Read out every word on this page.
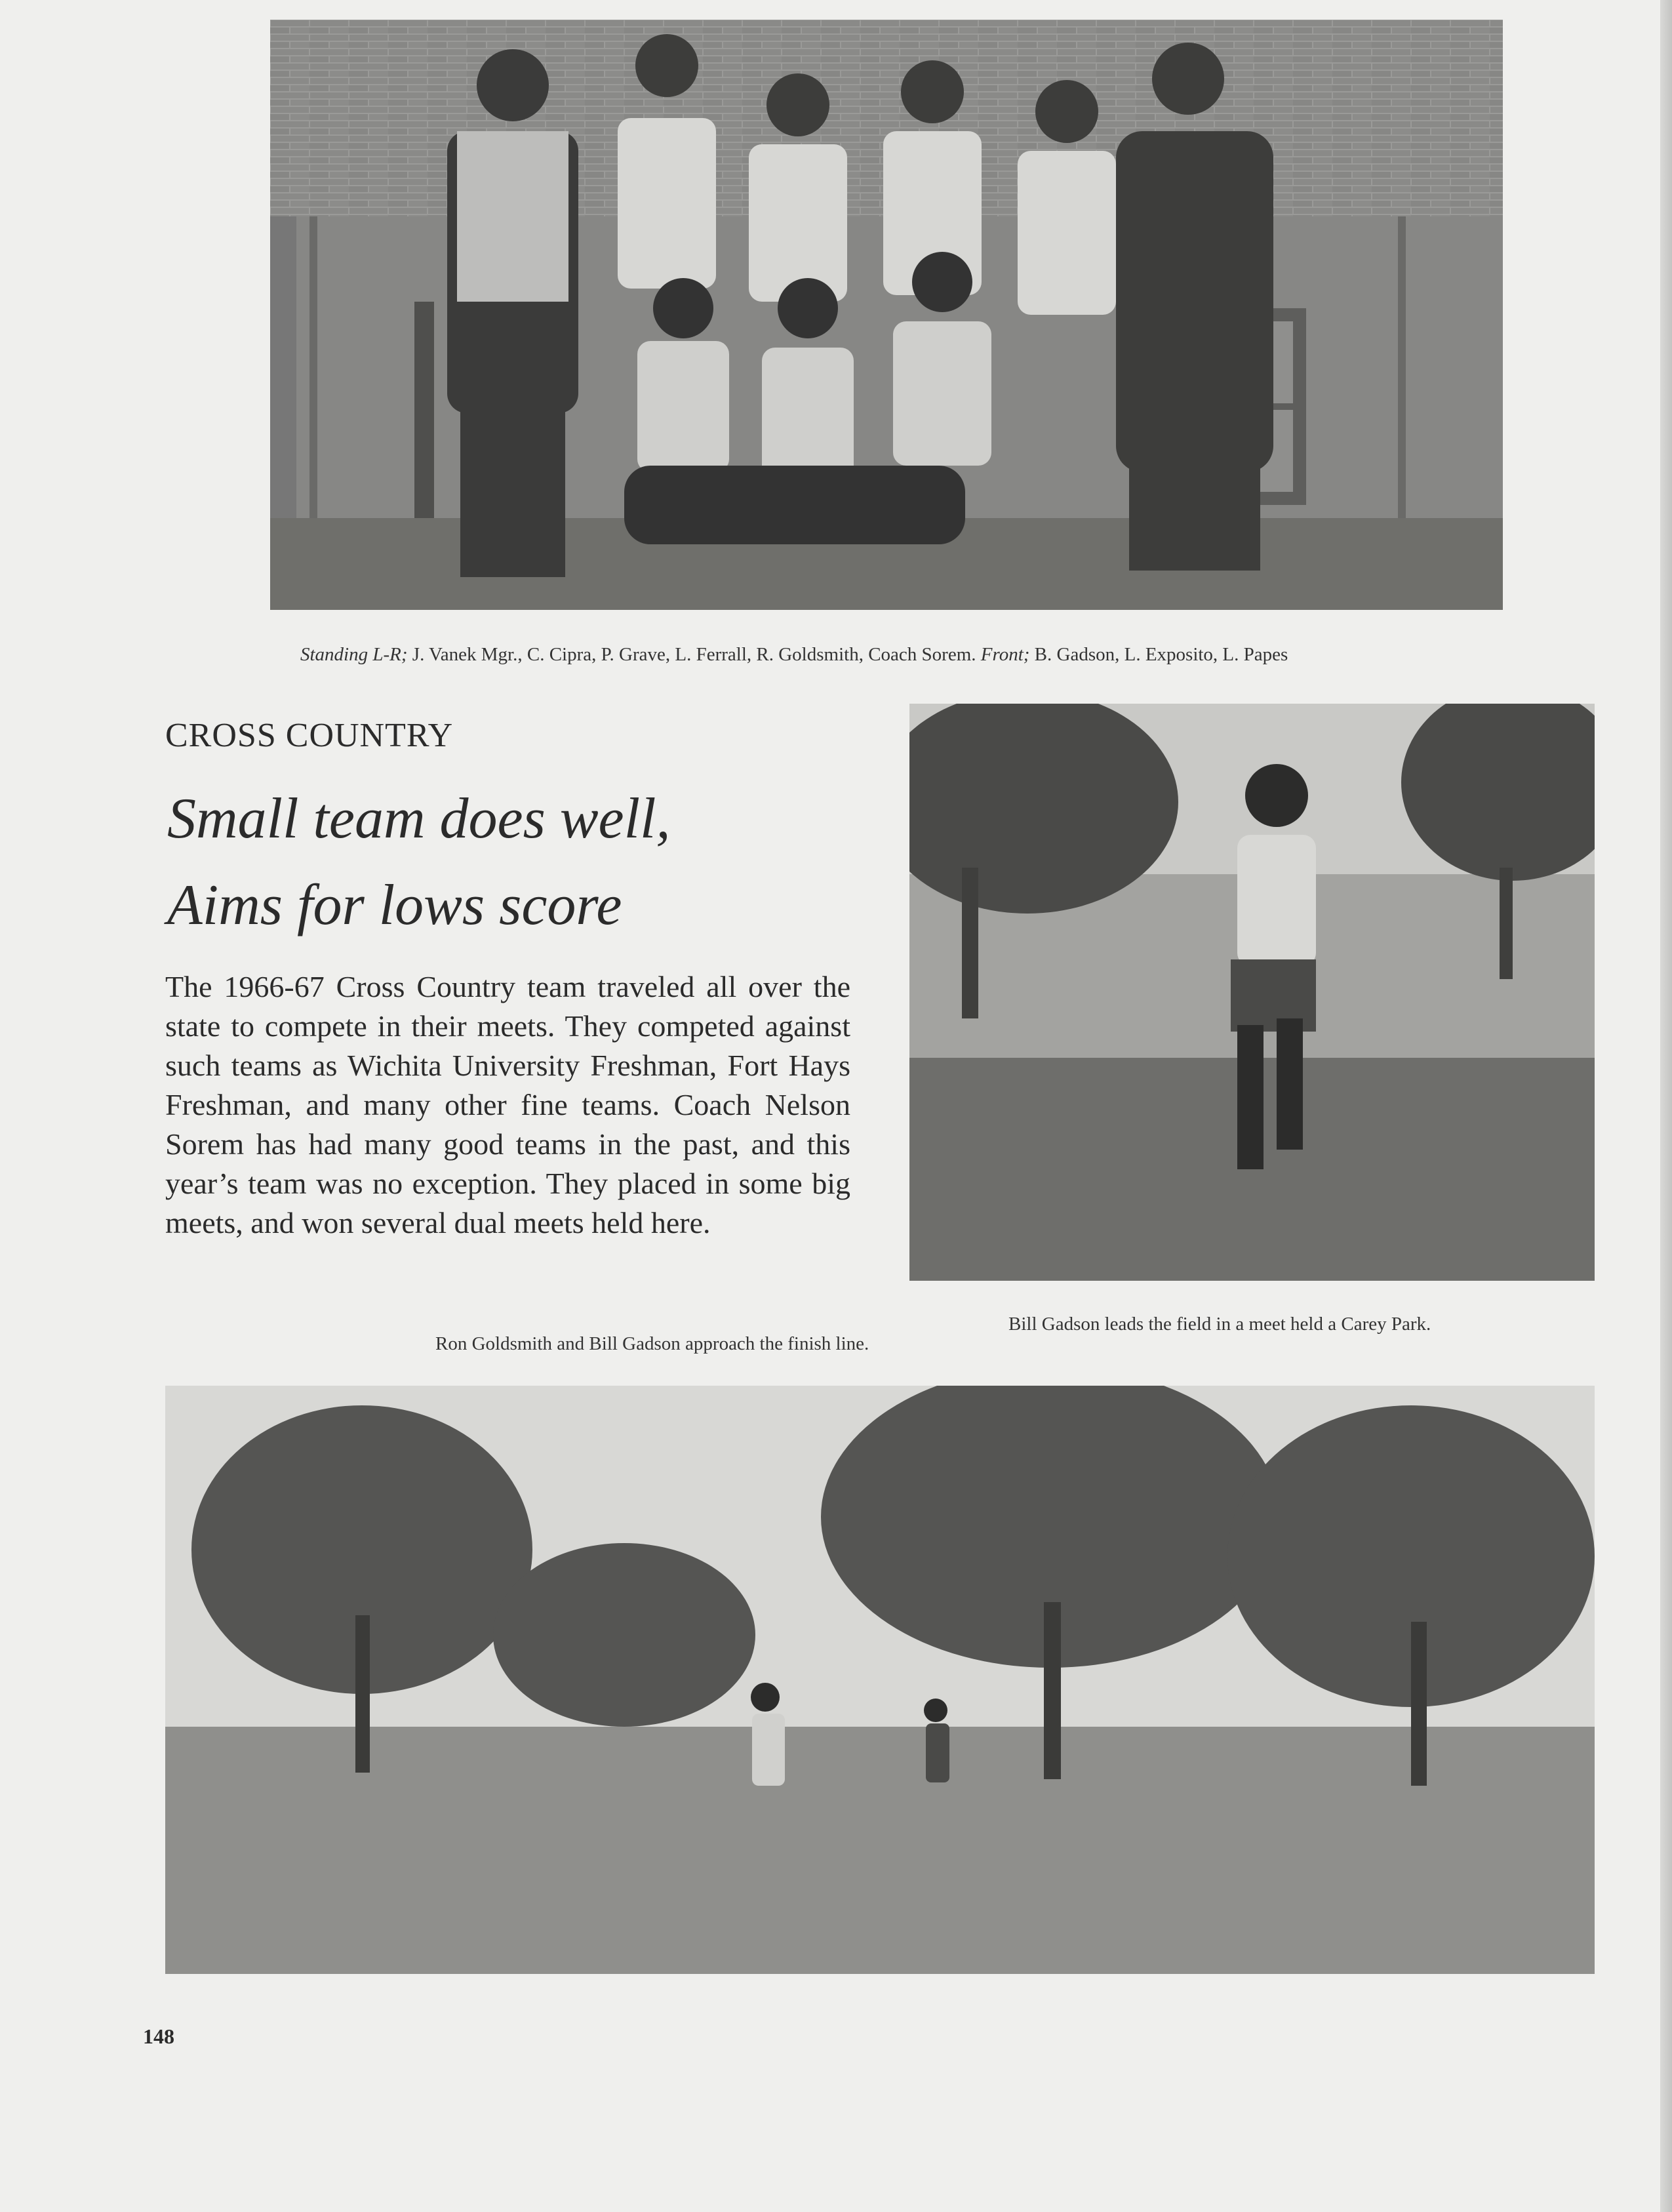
Standing L-R; J. Vanek Mgr., C. Cipra, P. Grave, L. Ferrall, R. Goldsmith, Coach Sorem. Front; B. Gadson, L. Exposito, L. Papes
CROSS COUNTRY
Small team does well,
Aims for lows score
The 1966-67 Cross Country team traveled all over the state to compete in their meets. They competed against such teams as Wichita University Freshman, Fort Hays Freshman, and many other fine teams. Coach Nelson Sorem has had many good teams in the past, and this year’s team was no exception. They placed in some big meets, and won several dual meets held here.
Bill Gadson leads the field in a meet held a Carey Park.
Ron Goldsmith and Bill Gadson approach the finish line.
148
